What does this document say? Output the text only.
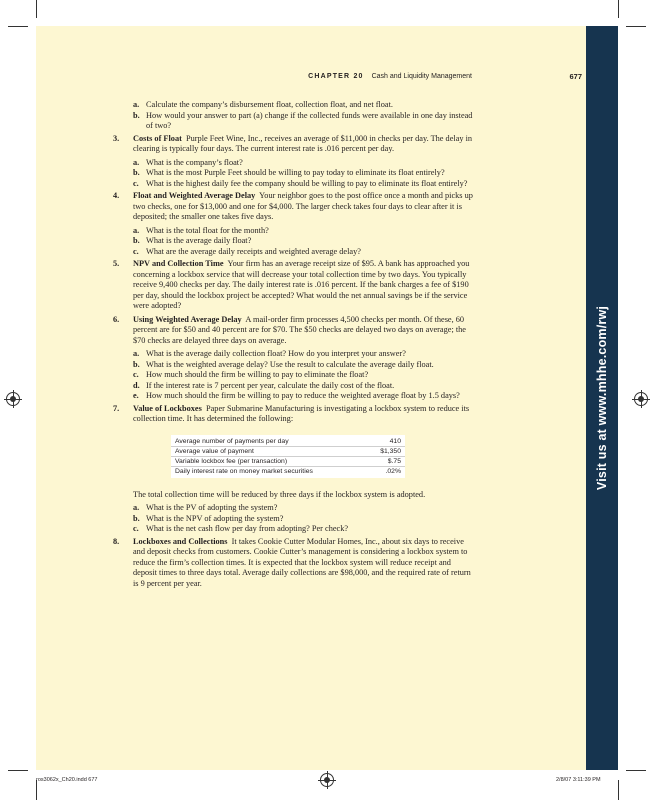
Visit us at www.mhhe.com/rwj
CHAPTER 20 Cash and Liquidity Management	677
a. Calculate the company’s disbursement float, collection float, and net float.
b. How would your answer to part (a) change if the collected funds were available in one day instead of two?
3. Costs of Float Purple Feet Wine, Inc., receives an average of $11,000 in checks per day. The delay in clearing is typically four days. The current interest rate is .016 percent per day.
a. What is the company’s float?
b. What is the most Purple Feet should be willing to pay today to eliminate its float entirely?
c. What is the highest daily fee the company should be willing to pay to eliminate its float entirely?
4. Float and Weighted Average Delay Your neighbor goes to the post office once a month and picks up two checks, one for $13,000 and one for $4,000. The larger check takes four days to clear after it is deposited; the smaller one takes five days.
a. What is the total float for the month?
b. What is the average daily float?
c. What are the average daily receipts and weighted average delay?
5. NPV and Collection Time Your firm has an average receipt size of $95. A bank has approached you concerning a lockbox service that will decrease your total collection time by two days. You typically receive 9,400 checks per day. The daily interest rate is .016 percent. If the bank charges a fee of $190 per day, should the lockbox project be accepted? What would the net annual savings be if the service were adopted?
6. Using Weighted Average Delay A mail-order firm processes 4,500 checks per month. Of these, 60 percent are for $50 and 40 percent are for $70. The $50 checks are delayed two days on average; the $70 checks are delayed three days on average.
a. What is the average daily collection float? How do you interpret your answer?
b. What is the weighted average delay? Use the result to calculate the average daily float.
c. How much should the firm be willing to pay to eliminate the float?
d. If the interest rate is 7 percent per year, calculate the daily cost of the float.
e. How much should the firm be willing to pay to reduce the weighted average float by 1.5 days?
7. Value of Lockboxes Paper Submarine Manufacturing is investigating a lockbox system to reduce its collection time. It has determined the following:
Average number of payments per day	410
Average value of payment	$1,350
Variable lockbox fee (per transaction)	$.75
Daily interest rate on money market securities	.02%
The total collection time will be reduced by three days if the lockbox system is adopted.
a. What is the PV of adopting the system?
b. What is the NPV of adopting the system?
c. What is the net cash flow per day from adopting? Per check?
8. Lockboxes and Collections It takes Cookie Cutter Modular Homes, Inc., about six days to receive and deposit checks from customers. Cookie Cutter’s management is considering a lockbox system to reduce the firm’s collection times. It is expected that the lockbox system will reduce receipt and deposit times to three days total. Average daily collections are $98,000, and the required rate of return is 9 percent per year.
ros3062x_Ch20.indd 677	2/8/07 3:11:39 PM
